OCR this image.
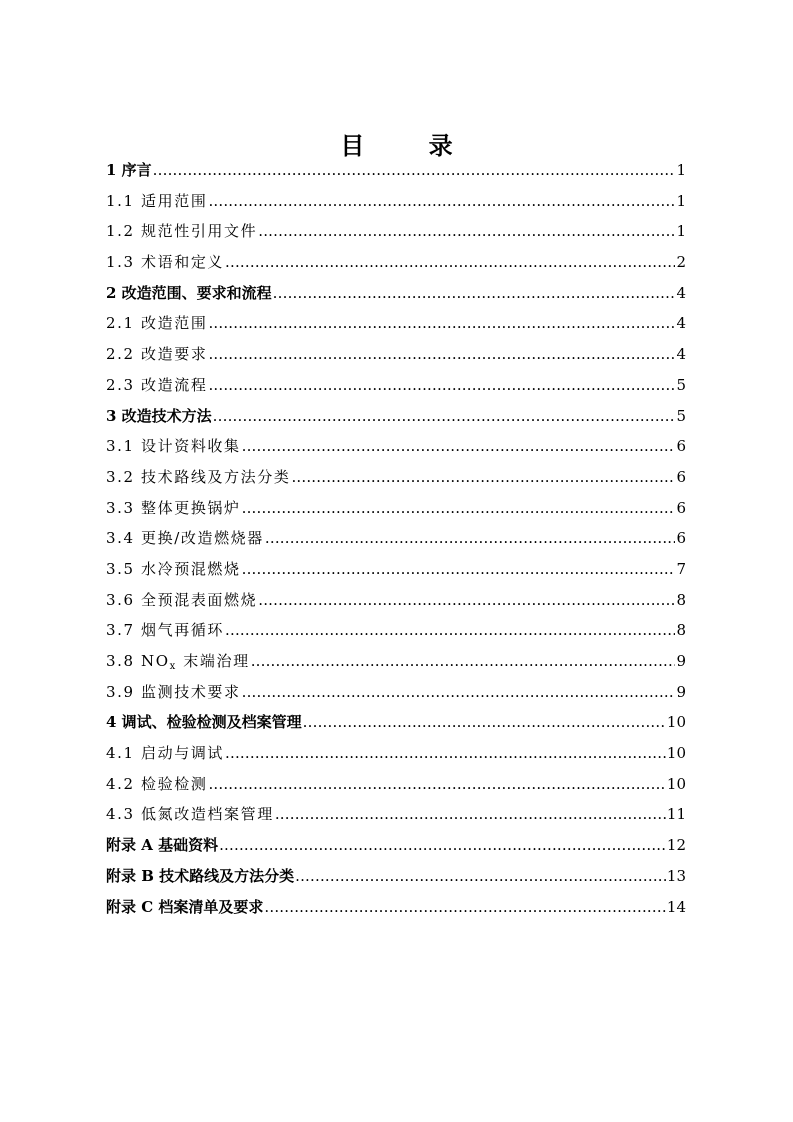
目 录
1 序言 .....	1
1.1 适用范围 .....	1
1.2 规范性引用文件 .....	1
1.3 术语和定义 .....	2
2 改造范围、要求和流程 .....	4
2.1 改造范围 .....	4
2.2 改造要求 .....	4
2.3 改造流程 .....	5
3 改造技术方法 .....	5
3.1 设计资料收集 .....	6
3.2 技术路线及方法分类 .....	6
3.3 整体更换锅炉 .....	6
3.4 更换/改造燃烧器 .....	6
3.5 水冷预混燃烧 .....	7
3.6 全预混表面燃烧 .....	8
3.7 烟气再循环 .....	8
3.8 $NO_x$ 末端治理 .....	9
3.9 监测技术要求 .....	9
4 调试、检验检测及档案管理 .....	10
4.1 启动与调试 .....	10
4.2 检验检测 .....	10
4.3 低氮改造档案管理 .....	11
附录 A 基础资料 .....	12
附录 B 技术路线及方法分类 .....	13
附录 C 档案清单及要求 .....	14
